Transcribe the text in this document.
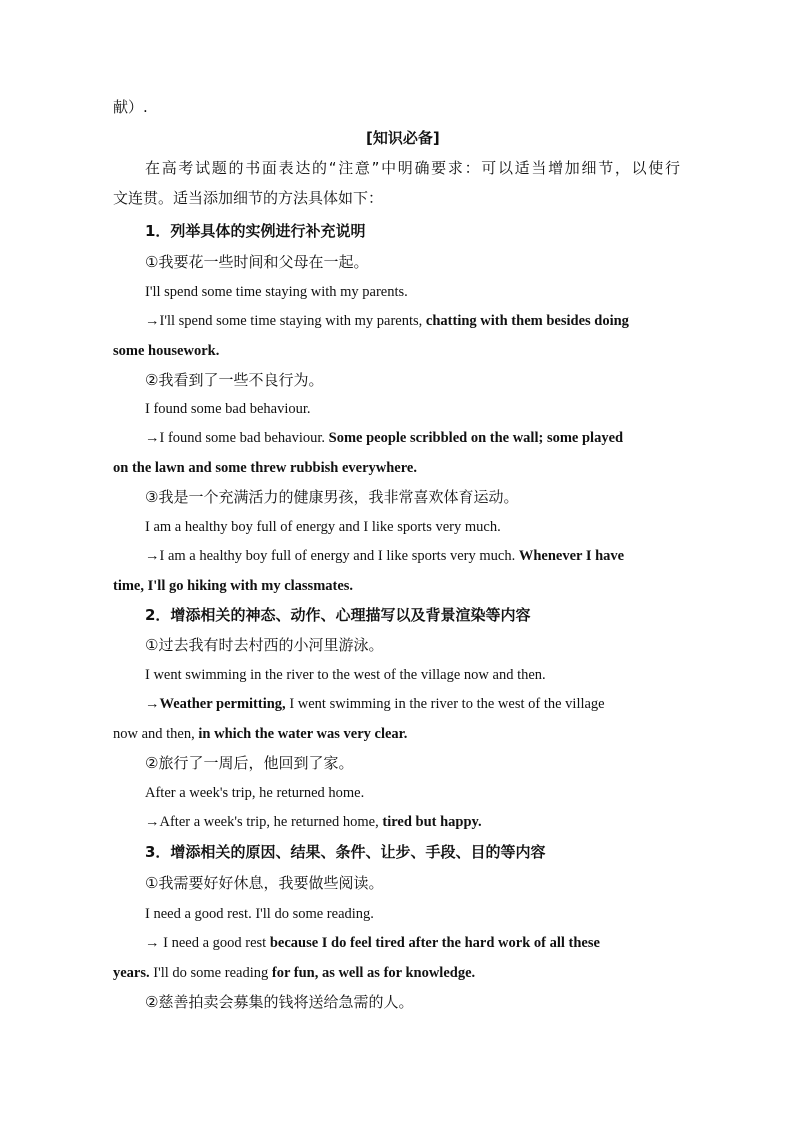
献）.
[知识必备]
在高考试题的书面表达的“注意”中明确要求：可以适当增加细节，以使行
文连贯。适当添加细节的方法具体如下：
1．列举具体的实例进行补充说明
①我要花一些时间和父母在一起。
I'll spend some time staying with my parents.
→I'll spend some time staying with my parents, chatting with them besides doing
some housework.
②我看到了一些不良行为。
I found some bad behaviour.
→I found some bad behaviour. Some people scribbled on the wall; some played
on the lawn and some threw rubbish everywhere.
③我是一个充满活力的健康男孩，我非常喜欢体育运动。
I am a healthy boy full of energy and I like sports very much.
→I am a healthy boy full of energy and I like sports very much. Whenever I have
time, I'll go hiking with my classmates.
2．增添相关的神态、动作、心理描写以及背景渲染等内容
①过去我有时去村西的小河里游泳。
I went swimming in the river to the west of the village now and then.
→Weather permitting, I went swimming in the river to the west of the village
now and then, in which the water was very clear.
②旅行了一周后，他回到了家。
After a week's trip, he returned home.
→After a week's trip, he returned home, tired but happy.
3．增添相关的原因、结果、条件、让步、手段、目的等内容
①我需要好好休息，我要做些阅读。
I need a good rest. I'll do some reading.
→ I need a good rest because I do feel tired after the hard work of all these
years. I'll do some reading for fun, as well as for knowledge.
②慈善拍卖会募集的钱将送给急需的人。
